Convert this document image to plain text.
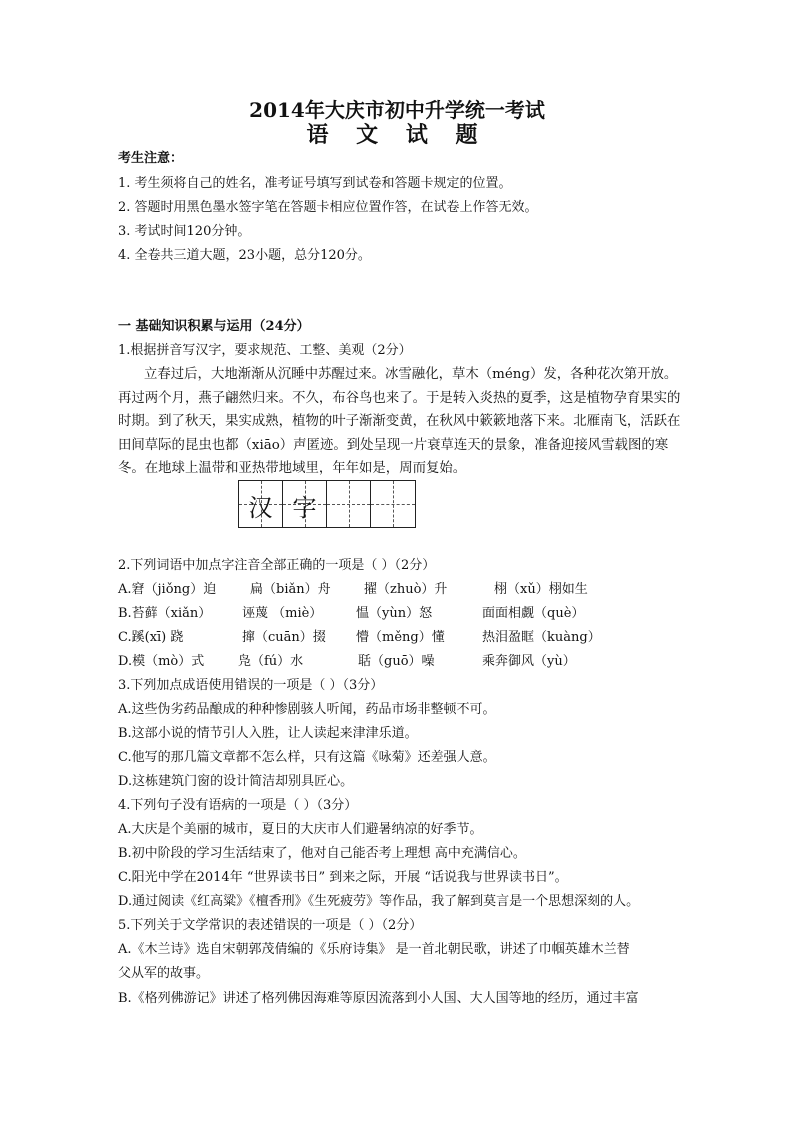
2014年大庆市初中升学统一考试
语 文 试 题
考生注意：
1. 考生须将自己的姓名，准考证号填写到试卷和答题卡规定的位置。
2. 答题时用黑色墨水签字笔在答题卡相应位置作答，在试卷上作答无效。
3. 考试时间120分钟。
4. 全卷共三道大题，23小题，总分120分。
一 基础知识积累与运用（24分）
1.根据拼音写汉字，要求规范、工整、美观（2分）
立春过后，大地渐渐从沉睡中苏醒过来。冰雪融化，草木（méng）发，各种花次第开放。再过两个月，燕子翩然归来。不久，布谷鸟也来了。于是转入炎热的夏季，这是植物孕育果实的时期。到了秋天，果实成熟，植物的叶子渐渐变黄，在秋风中簌簌地落下来。北雁南飞，活跃在田间草际的昆虫也都（xiāo）声匿迹。到处呈现一片衰草连天的景象，准备迎接风雪载图的寒冬。在地球上温带和亚热带地域里，年年如是，周而复始。
汉 字
2.下列词语中加点字注音全部正确的一项是（ ）（2分）
A.窘（jiǒng）迫	扁（biǎn）舟	擢（zhuò）升	栩（xǔ）栩如生
B.苔藓（xiǎn） 诬蔑 （miè）	愠（yùn）怒	面面相觑（què）
C.蹊(xī) 跷	撺（cuān）掇 懵（měng）懂	热泪盈眶（kuàng）
D.模（mò）式	凫（fú）水	聒（guō）噪	乘奔御风（yù）
3.下列加点成语使用错误的一项是（ ）（3分）
A.这些伪劣药品酿成的种种惨剧骇人听闻，药品市场非整顿不可。
B.这部小说的情节引人入胜，让人读起来津津乐道。
C.他写的那几篇文章都不怎么样，只有这篇《咏菊》还差强人意。
D.这栋建筑门窗的设计简洁却别具匠心。
4.下列句子没有语病的一项是（ ）（3分）
A.大庆是个美丽的城市，夏日的大庆市人们避暑纳凉的好季节。
B.初中阶段的学习生活结束了，他对自己能否考上理想 高中充满信心。
C.阳光中学在2014年 “世界读书日” 到来之际，开展 “话说我与世界读书日”。
D.通过阅读《红高粱》《檀香刑》《生死疲劳》等作品，我了解到莫言是一个思想深刻的人。
5.下列关于文学常识的表述错误的一项是（ ）（2分）
A.《木兰诗》选自宋朝郭茂倩编的《乐府诗集》 是一首北朝民歌，讲述了巾帼英雄木兰替
父从军的故事。
B.《格列佛游记》讲述了格列佛因海难等原因流落到小人国、大人国等地的经历，通过丰富
